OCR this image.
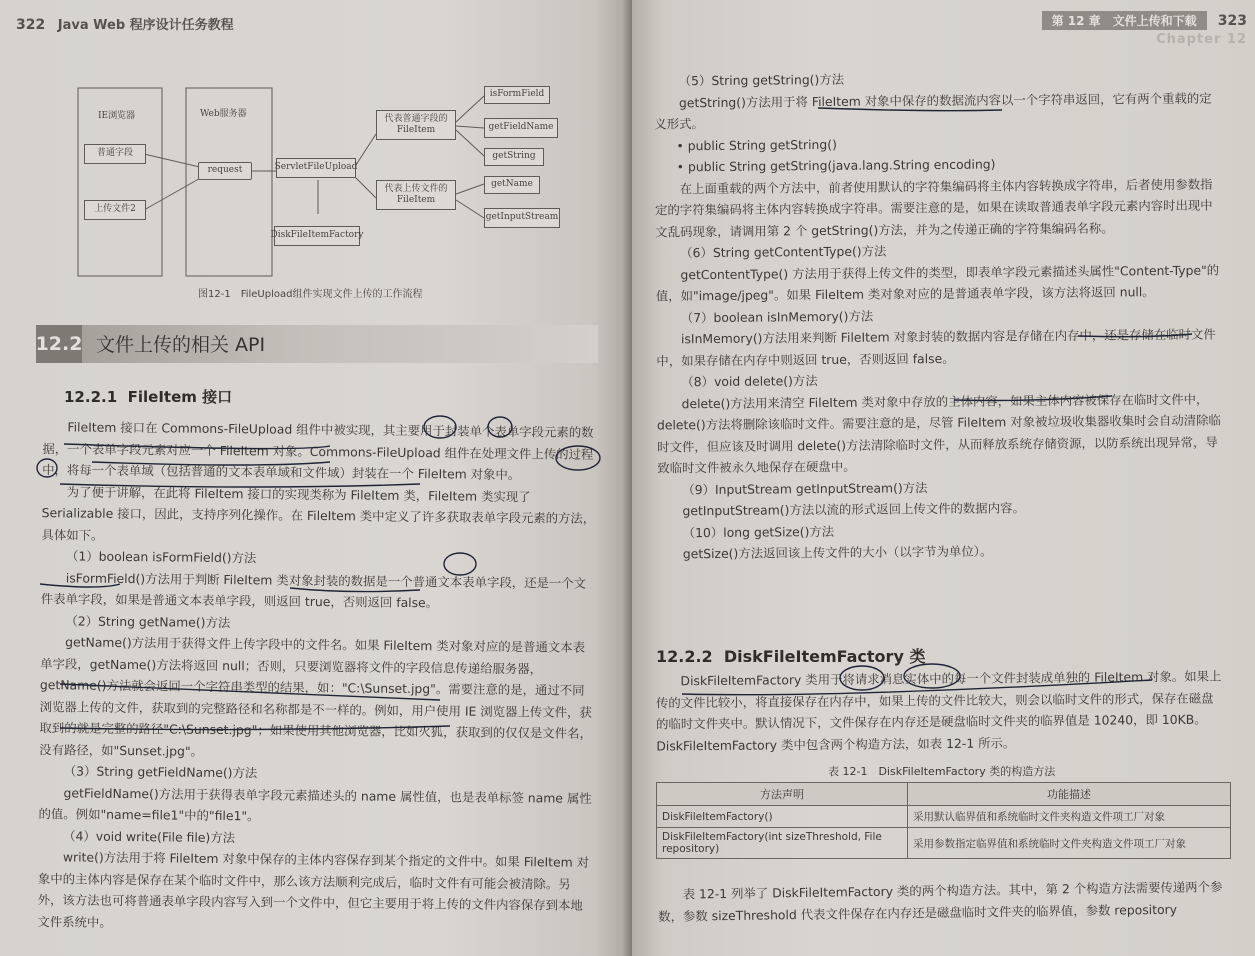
322 Java Web 程序设计任务教程
IE浏览器	Web服务器
普通字段
上传文件2
request	ServletFileUpload
DiskFileItemFactory
代表普通字段的 FileItem
代表上传文件的 FileItem
isFormField
getFieldName
getString
getName
getInputStream
图12-1　FileUpload组件实现文件上传的工作流程
12.2 文件上传的相关 API
12.2.1 FileItem 接口

FileItem 接口在 Commons-FileUpload 组件中被实现，其主要用于封装单个表单字段元素的数据，一个表单字段元素对应一个 FileItem 对象。Commons-FileUpload 组件在处理文件上传的过程中，将每一个表单域（包括普通的文本表单域和文件域）封装在一个 FileItem 对象中。

为了便于讲解，在此将 FileItem 接口的实现类称为 FileItem 类，FileItem 类实现了 Serializable 接口，因此，支持序列化操作。在 FileItem 类中定义了许多获取表单字段元素的方法，具体如下。

（1）boolean isFormField()方法

isFormField()方法用于判断 FileItem 类对象封装的数据是一个普通文本表单字段，还是一个文件表单字段，如果是普通文本表单字段，则返回 true，否则返回 false。

（2）String getName()方法

getName()方法用于获得文件上传字段中的文件名。如果 FileItem 类对象对应的是普通文本表单字段，getName()方法将返回 null；否则，只要浏览器将文件的字段信息传递给服务器，getName()方法就会返回一个字符串类型的结果，如："C:\Sunset.jpg"。需要注意的是，通过不同浏览器上传的文件，获取到的完整路径和名称都是不一样的。例如，用户使用 IE 浏览器上传文件，获取到的就是完整的路径"C:\Sunset.jpg"；如果使用其他浏览器，比如火狐，获取到的仅仅是文件名，没有路径，如"Sunset.jpg"。

（3）String getFieldName()方法

getFieldName()方法用于获得表单字段元素描述头的 name 属性值，也是表单标签 name 属性的值。例如"name=file1"中的"file1"。

（4）void write(File file)方法

write()方法用于将 FileItem 对象中保存的主体内容保存到某个指定的文件中。如果 FileItem 对象中的主体内容是保存在某个临时文件中，那么该方法顺利完成后，临时文件有可能会被清除。另外，该方法也可将普通表单字段内容写入到一个文件中，但它主要用于将上传的文件内容保存到本地文件系统中。

第 12 章　文件上传和下载 323
Chapter 12

（5）String getString()方法

getString()方法用于将 FileItem 对象中保存的数据流内容以一个字符串返回，它有两个重载的定义形式。

• public String getString()

• public String getString(java.lang.String encoding)

在上面重载的两个方法中，前者使用默认的字符集编码将主体内容转换成字符串，后者使用参数指定的字符集编码将主体内容转换成字符串。需要注意的是，如果在读取普通表单字段元素内容时出现中文乱码现象，请调用第 2 个 getString()方法，并为之传递正确的字符集编码名称。

（6）String getContentType()方法

getContentType() 方法用于获得上传文件的类型，即表单字段元素描述头属性"Content-Type"的值，如"image/jpeg"。如果 FileItem 类对象对应的是普通表单字段，该方法将返回 null。

（7）boolean isInMemory()方法

isInMemory()方法用来判断 FileItem 对象封装的数据内容是存储在内存中，还是存储在临时文件中，如果存储在内存中则返回 true，否则返回 false。

（8）void delete()方法

delete()方法用来清空 FileItem 类对象中存放的主体内容，如果主体内容被保存在临时文件中，delete()方法将删除该临时文件。需要注意的是，尽管 FileItem 对象被垃圾收集器收集时会自动清除临时文件，但应该及时调用 delete()方法清除临时文件，从而释放系统存储资源，以防系统出现异常，导致临时文件被永久地保存在硬盘中。

（9）InputStream getInputStream()方法

getInputStream()方法以流的形式返回上传文件的数据内容。

（10）long getSize()方法

getSize()方法返回该上传文件的大小（以字节为单位）。

12.2.2 DiskFileItemFactory 类

DiskFileItemFactory 类用于将请求消息实体中的每一个文件封装成单独的 FileItem 对象。如果上传的文件比较小，将直接保存在内存中，如果上传的文件比较大，则会以临时文件的形式，保存在磁盘的临时文件夹中。默认情况下，文件保存在内存还是硬盘临时文件夹的临界值是 10240，即 10KB。DiskFileItemFactory 类中包含两个构造方法，如表 12-1 所示。

表 12-1　DiskFileItemFactory 类的构造方法
方法声明	功能描述
DiskFileItemFactory()	采用默认临界值和系统临时文件夹构造文件项工厂对象
DiskFileItemFactory(int sizeThreshold, File repository)	采用参数指定临界值和系统临时文件夹构造文件项工厂对象

表 12-1 列举了 DiskFileItemFactory 类的两个构造方法。其中，第 2 个构造方法需要传递两个参数，参数 sizeThreshold 代表文件保存在内存还是磁盘临时文件夹的临界值，参数 repository
